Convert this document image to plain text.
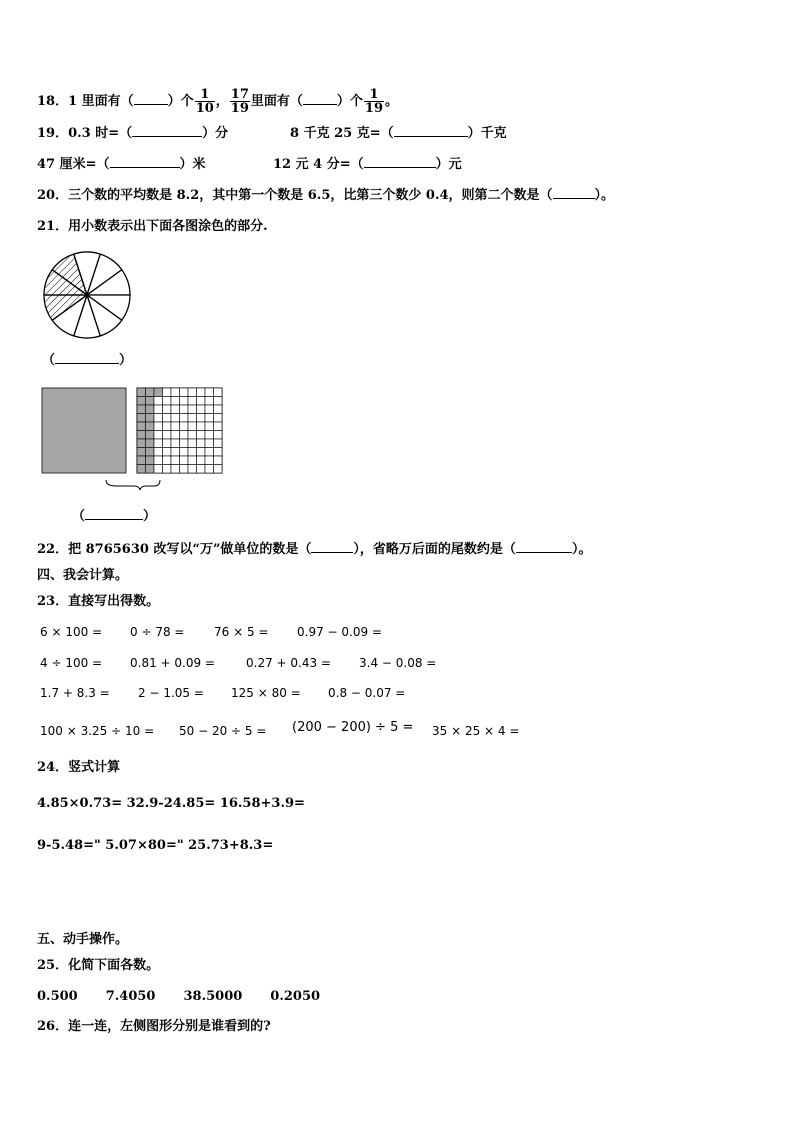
18．1 里面有（	）个 $\frac{1}{10}$ ， $\frac{17}{19}$ 里面有（	）个 $\frac{1}{19}$ 。
19．0.3 时=（	）分	8 千克 25 克=（	）千克
47 厘米=（	）米	12 元 4 分=（	）元
20．三个数的平均数是 8.2，其中第一个数是 6.5，比第三个数少 0.4，则第二个数是（	）。
21．用小数表示出下面各图涂色的部分.
（	）
（	）
22．把 8765630 改写以“万”做单位的数是（	），省略万后面的尾数约是（	）。
四、我会计算。
23．直接写出得数。
6 × 100 = 0 ÷ 78 = 76 × 5 = 0.97 − 0.09 =
4 ÷ 100 = 0.81 + 0.09 =	0.27 + 0.43 = 3.4 − 0.08 =
1.7 + 8.3 = 2 − 1.05 = 125 × 80 = 0.8 − 0.07 =
100 × 3.25 ÷ 10 = 50 − 20 ÷ 5 = (200 − 200) ÷ 5 = 35 × 25 × 4 =
24．竖式计算
4.85×0.73= 32.9-24.85= 16.58+3.9=
9-5.48=" 5.07×80=" 25.73+8.3=
五、动手操作。
25．化简下面各数。
0.500 7.4050 38.5000 0.2050
26．连一连，左侧图形分别是谁看到的?
